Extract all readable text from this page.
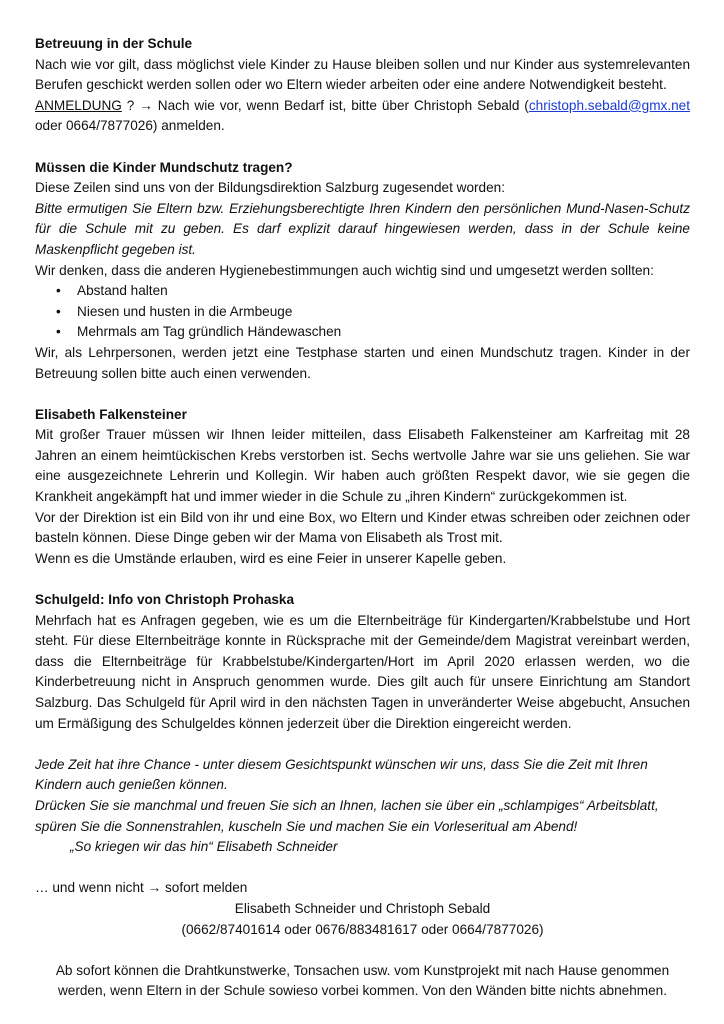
Betreuung in der Schule

Nach wie vor gilt, dass möglichst viele Kinder zu Hause bleiben sollen und nur Kinder aus systemrelevanten Berufen geschickt werden sollen oder wo Eltern wieder arbeiten oder eine andere Notwendigkeit besteht.

ANMELDUNG ? → Nach wie vor, wenn Bedarf ist, bitte über Christoph Sebald (christoph.sebald@gmx.net oder 0664/7877026) anmelden.

Müssen die Kinder Mundschutz tragen?

Diese Zeilen sind uns von der Bildungsdirektion Salzburg zugesendet worden:

Bitte ermutigen Sie Eltern bzw. Erziehungsberechtigte Ihren Kindern den persönlichen Mund-Nasen-Schutz für die Schule mit zu geben. Es darf explizit darauf hingewiesen werden, dass in der Schule keine Maskenpflicht gegeben ist.

Wir denken, dass die anderen Hygienebestimmungen auch wichtig sind und umgesetzt werden sollten:

• Abstand halten
• Niesen und husten in die Armbeuge
• Mehrmals am Tag gründlich Händewaschen

Wir, als Lehrpersonen, werden jetzt eine Testphase starten und einen Mundschutz tragen. Kinder in der Betreuung sollen bitte auch einen verwenden.

Elisabeth Falkensteiner

Mit großer Trauer müssen wir Ihnen leider mitteilen, dass Elisabeth Falkensteiner am Karfreitag mit 28 Jahren an einem heimtückischen Krebs verstorben ist. Sechs wertvolle Jahre war sie uns geliehen. Sie war eine ausgezeichnete Lehrerin und Kollegin. Wir haben auch größten Respekt davor, wie sie gegen die Krankheit angekämpft hat und immer wieder in die Schule zu „ihren Kindern“ zurückgekommen ist.

Vor der Direktion ist ein Bild von ihr und eine Box, wo Eltern und Kinder etwas schreiben oder zeichnen oder basteln können. Diese Dinge geben wir der Mama von Elisabeth als Trost mit.

Wenn es die Umstände erlauben, wird es eine Feier in unserer Kapelle geben.

Schulgeld: Info von Christoph Prohaska

Mehrfach hat es Anfragen gegeben, wie es um die Elternbeiträge für Kindergarten/Krabbelstube und Hort steht. Für diese Elternbeiträge konnte in Rücksprache mit der Gemeinde/dem Magistrat vereinbart werden, dass die Elternbeiträge für Krabbelstube/Kindergarten/Hort im April 2020 erlassen werden, wo die Kinderbetreuung nicht in Anspruch genommen wurde. Dies gilt auch für unsere Einrichtung am Standort Salzburg. Das Schulgeld für April wird in den nächsten Tagen in unveränderter Weise abgebucht, Ansuchen um Ermäßigung des Schulgeldes können jederzeit über die Direktion eingereicht werden.

Jede Zeit hat ihre Chance - unter diesem Gesichtspunkt wünschen wir uns, dass Sie die Zeit mit Ihren Kindern auch genießen können.

Drücken Sie sie manchmal und freuen Sie sich an Ihnen, lachen sie über ein „schlampiges“ Arbeitsblatt, spüren Sie die Sonnenstrahlen, kuscheln Sie und machen Sie ein Vorleseritual am Abend!

„So kriegen wir das hin“ Elisabeth Schneider

… und wenn nicht → sofort melden

Elisabeth Schneider und Christoph Sebald

(0662/87401614 oder 0676/883481617 oder 0664/7877026)

Ab sofort können die Drahtkunstwerke, Tonsachen usw. vom Kunstprojekt mit nach Hause genommen werden, wenn Eltern in der Schule sowieso vorbei kommen. Von den Wänden bitte nichts abnehmen.
